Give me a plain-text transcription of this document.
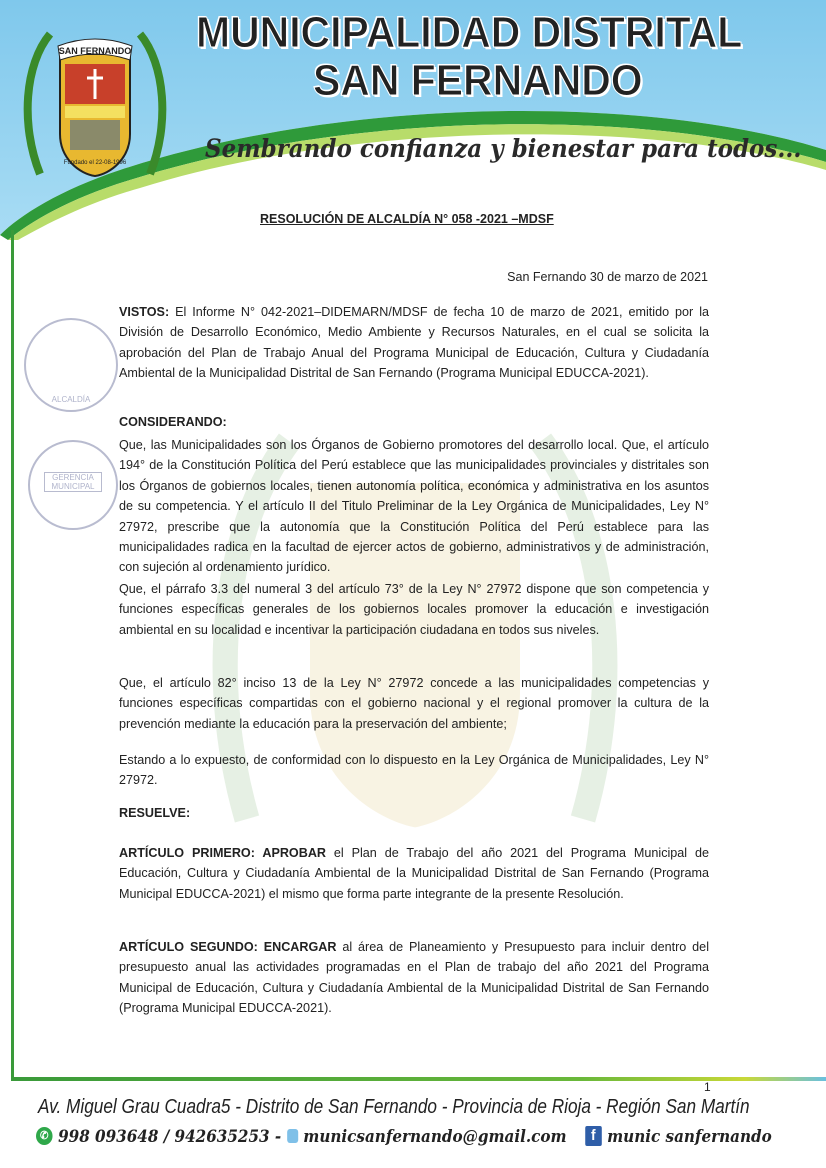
SAN FERNANDO
Fundado el 22-08-1996
MUNICIPALIDAD DISTRITAL
SAN FERNANDO
Sembrando confianza y bienestar para todos...
ALCALDÍA
GERENCIA MUNICIPAL
RESOLUCIÓN DE ALCALDÍA N° 058 -2021 –MDSF
San Fernando 30 de marzo de 2021

VISTOS: El Informe N° 042-2021–DIDEMARN/MDSF de fecha 10 de marzo de 2021, emitido por la División de Desarrollo Económico, Medio Ambiente y Recursos Naturales, en el cual se solicita la aprobación del Plan de Trabajo Anual del Programa Municipal de Educación, Cultura y Ciudadanía Ambiental de la Municipalidad Distrital de San Fernando (Programa Municipal EDUCCA-2021).

CONSIDERANDO:

Que, las Municipalidades son los Órganos de Gobierno promotores del desarrollo local. Que, el artículo 194° de la Constitución Política del Perú establece que las municipalidades provinciales y distritales son los Órganos de gobiernos locales, tienen autonomía política, económica y administrativa en los asuntos de su competencia. Y el artículo II del Titulo Preliminar de la Ley Orgánica de Municipalidades, Ley N° 27972, prescribe que la autonomía que la Constitución Política del Perú establece para las municipalidades radica en la facultad de ejercer actos de gobierno, administrativos y de administración, con sujeción al ordenamiento jurídico.

Que, el párrafo 3.3 del numeral 3 del artículo 73° de la Ley N° 27972 dispone que son competencia y funciones específicas generales de los gobiernos locales promover la educación e investigación ambiental en su localidad e incentivar la participación ciudadana en todos sus niveles.

Que, el artículo 82° inciso 13 de la Ley N° 27972 concede a las municipalidades competencias y funciones específicas compartidas con el gobierno nacional y el regional promover la cultura de la prevención mediante la educación para la preservación del ambiente;

Estando a lo expuesto, de conformidad con lo dispuesto en la Ley Orgánica de Municipalidades, Ley N° 27972.

RESUELVE:

ARTÍCULO PRIMERO: APROBAR el Plan de Trabajo del año 2021 del Programa Municipal de Educación, Cultura y Ciudadanía Ambiental de la Municipalidad Distrital de San Fernando (Programa Municipal EDUCCA-2021) el mismo que forma parte integrante de la presente Resolución.

ARTÍCULO SEGUNDO: ENCARGAR al área de Planeamiento y Presupuesto para incluir dentro del presupuesto anual las actividades programadas en el Plan de trabajo del año 2021 del Programa Municipal de Educación, Cultura y Ciudadanía Ambiental de la Municipalidad Distrital de San Fernando (Programa Municipal EDUCCA-2021).

1
Av. Miguel Grau Cuadra5 - Distrito de San Fernando - Provincia de Rioja - Región San Martín
✆ 998 093648 / 942635253 - municsanfernando@gmail.com	f munic sanfernando
